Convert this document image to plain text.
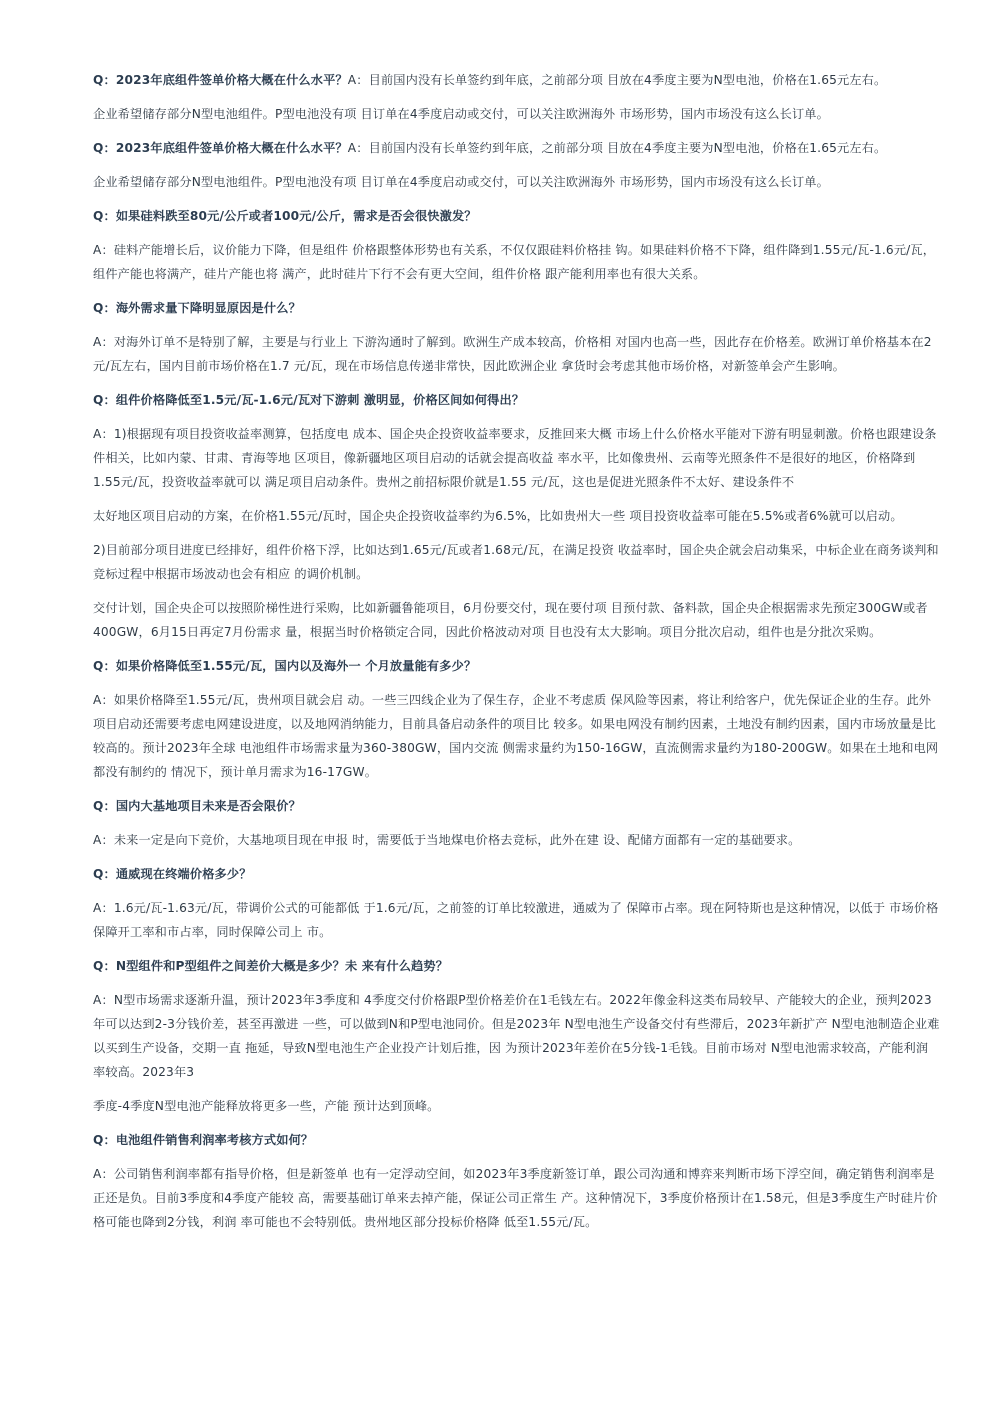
Q：2023年底组件签单价格大概在什么水平？A：目前国内没有长单签约到年底，之前部分项 目放在4季度主要为N型电池，价格在1.65元左右。

企业希望储存部分N型电池组件。P型电池没有项 目订单在4季度启动或交付，可以关注欧洲海外 市场形势，国内市场没有这么长订单。

Q：2023年底组件签单价格大概在什么水平？A：目前国内没有长单签约到年底，之前部分项 目放在4季度主要为N型电池，价格在1.65元左右。

企业希望储存部分N型电池组件。P型电池没有项 目订单在4季度启动或交付，可以关注欧洲海外 市场形势，国内市场没有这么长订单。

Q：如果硅料跌至80元/公斤或者100元/公斤，需求是否会很快激发？

A：硅料产能增长后，议价能力下降，但是组件 价格跟整体形势也有关系，不仅仅跟硅料价格挂 钩。如果硅料价格不下降，组件降到1.55元/瓦-1.6元/瓦，组件产能也将满产，硅片产能也将 满产，此时硅片下行不会有更大空间，组件价格 跟产能利用率也有很大关系。

Q：海外需求量下降明显原因是什么？

A：对海外订单不是特别了解，主要是与行业上 下游沟通时了解到。欧洲生产成本较高，价格相 对国内也高一些，因此存在价格差。欧洲订单价格基本在2元/瓦左右，国内目前市场价格在1.7 元/瓦，现在市场信息传递非常快，因此欧洲企业 拿货时会考虑其他市场价格，对新签单会产生影响。

Q：组件价格降低至1.5元/瓦-1.6元/瓦对下游刺 激明显，价格区间如何得出？

A：1)根据现有项目投资收益率测算，包括度电 成本、国企央企投资收益率要求，反推回来大概 市场上什么价格水平能对下游有明显刺激。价格也跟建设条件相关，比如内蒙、甘肃、青海等地 区项目，像新疆地区项目启动的话就会提高收益 率水平，比如像贵州、云南等光照条件不是很好的地区，价格降到1.55元/瓦，投资收益率就可以 满足项目启动条件。贵州之前招标限价就是1.55 元/瓦，这也是促进光照条件不太好、建设条件不

太好地区项目启动的方案，在价格1.55元/瓦时，国企央企投资收益率约为6.5%，比如贵州大一些 项目投资收益率可能在5.5%或者6%就可以启动。

2)目前部分项目进度已经排好，组件价格下浮，比如达到1.65元/瓦或者1.68元/瓦，在满足投资 收益率时，国企央企就会启动集采，中标企业在商务谈判和竞标过程中根据市场波动也会有相应 的调价机制。

交付计划，国企央企可以按照阶梯性进行采购，比如新疆鲁能项目，6月份要交付，现在要付项 目预付款、备料款，国企央企根据需求先预定300GW或者400GW，6月15日再定7月份需求 量，根据当时价格锁定合同，因此价格波动对项 目也没有太大影响。项目分批次启动，组件也是分批次采购。

Q：如果价格降低至1.55元/瓦，国内以及海外一 个月放量能有多少？

A：如果价格降至1.55元/瓦，贵州项目就会启 动。一些三四线企业为了保生存，企业不考虑质 保风险等因素，将让利给客户，优先保证企业的生存。此外项目启动还需要考虑电网建设进度，以及地网消纳能力，目前具备启动条件的项目比 较多。如果电网没有制约因素，土地没有制约因素，国内市场放量是比较高的。预计2023年全球 电池组件市场需求量为360-380GW，国内交流 侧需求量约为150-16GW，直流侧需求量约为180-200GW。如果在土地和电网都没有制约的 情况下，预计单月需求为16-17GW。

Q：国内大基地项目未来是否会限价？

A：未来一定是向下竞价，大基地项目现在申报 时，需要低于当地煤电价格去竞标，此外在建 设、配储方面都有一定的基础要求。

Q：通威现在终端价格多少？

A：1.6元/瓦-1.63元/瓦，带调价公式的可能都低 于1.6元/瓦，之前签的订单比较激进，通威为了 保障市占率。现在阿特斯也是这种情况，以低于 市场价格保障开工率和市占率，同时保障公司上 市。

Q：N型组件和P型组件之间差价大概是多少？未 来有什么趋势？

A：N型市场需求逐渐升温，预计2023年3季度和 4季度交付价格跟P型价格差价在1毛钱左右。2022年像金科这类布局较早、产能较大的企业，预判2023年可以达到2-3分钱价差，甚至再激进 一些，可以做到N和P型电池同价。但是2023年 N型电池生产设备交付有些滞后，2023年新扩产 N型电池制造企业难以买到生产设备，交期一直 拖延，导致N型电池生产企业投产计划后推，因 为预计2023年差价在5分钱-1毛钱。目前市场对 N型电池需求较高，产能利润率较高。2023年3

季度-4季度N型电池产能释放将更多一些，产能 预计达到顶峰。

Q：电池组件销售利润率考核方式如何？

A：公司销售利润率都有指导价格，但是新签单 也有一定浮动空间，如2023年3季度新签订单，跟公司沟通和博弈来判断市场下浮空间，确定销售利润率是正还是负。目前3季度和4季度产能较 高，需要基础订单来去掉产能，保证公司正常生 产。这种情况下，3季度价格预计在1.58元，但是3季度生产时硅片价格可能也降到2分钱，利润 率可能也不会特别低。贵州地区部分投标价格降 低至1.55元/瓦。
